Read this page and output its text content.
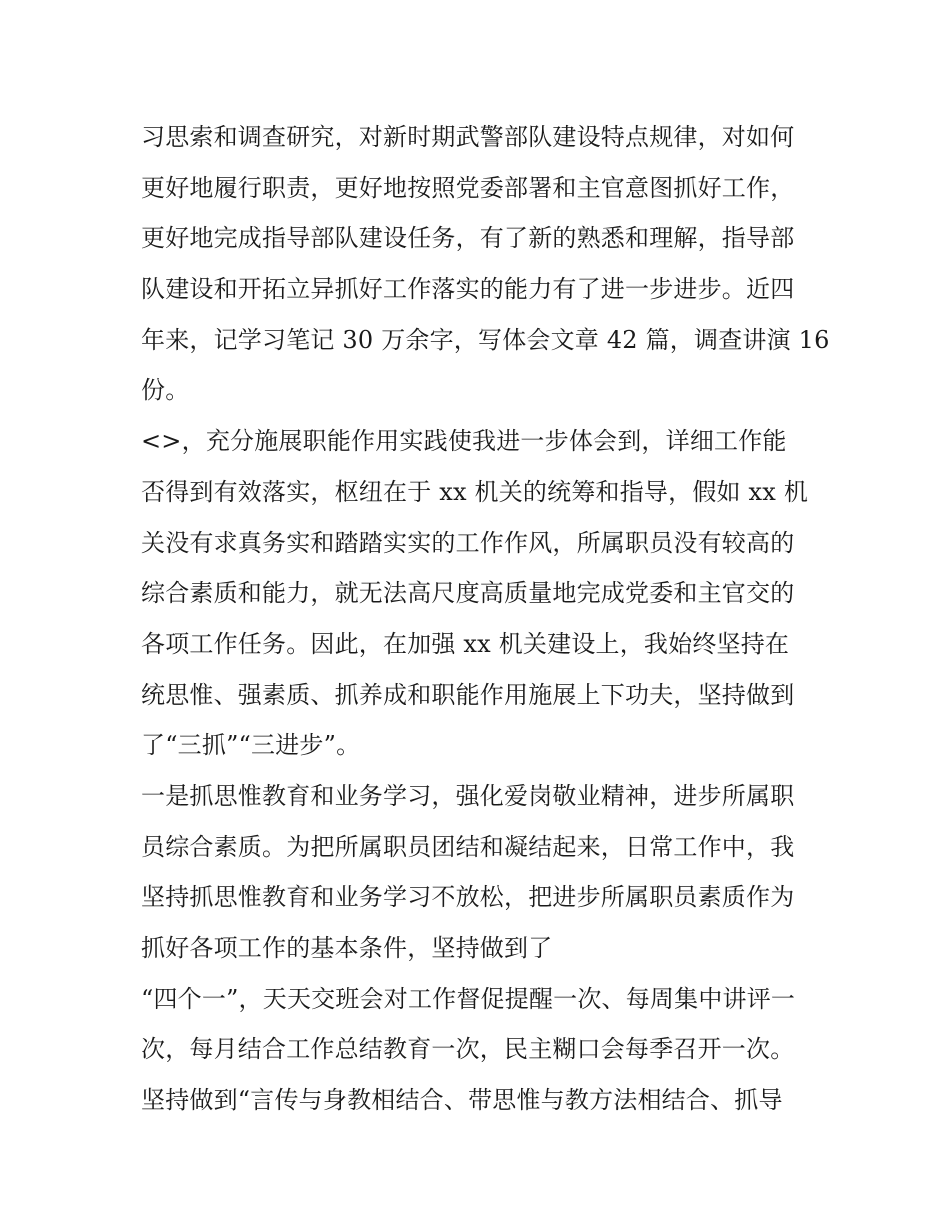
习思索和调查研究，对新时期武警部队建设特点规律，对如何
更好地履行职责，更好地按照党委部署和主官意图抓好工作，
更好地完成指导部队建设任务，有了新的熟悉和理解，指导部
队建设和开拓立异抓好工作落实的能力有了进一步进步。近四
年来，记学习笔记 30 万余字，写体会文章 42 篇，调查讲演 16
份。
<>，充分施展职能作用实践使我进一步体会到，详细工作能
否得到有效落实，枢纽在于 xx 机关的统筹和指导，假如 xx 机
关没有求真务实和踏踏实实的工作作风，所属职员没有较高的
综合素质和能力，就无法高尺度高质量地完成党委和主官交的
各项工作任务。因此，在加强 xx 机关建设上，我始终坚持在
统思惟、强素质、抓养成和职能作用施展上下功夫，坚持做到
了“三抓”“三进步”。
一是抓思惟教育和业务学习，强化爱岗敬业精神，进步所属职
员综合素质。为把所属职员团结和凝结起来，日常工作中，我
坚持抓思惟教育和业务学习不放松，把进步所属职员素质作为
抓好各项工作的基本条件，坚持做到了
“四个一”，天天交班会对工作督促提醒一次、每周集中讲评一
次，每月结合工作总结教育一次，民主糊口会每季召开一次。
坚持做到“言传与身教相结合、带思惟与教方法相结合、抓导
